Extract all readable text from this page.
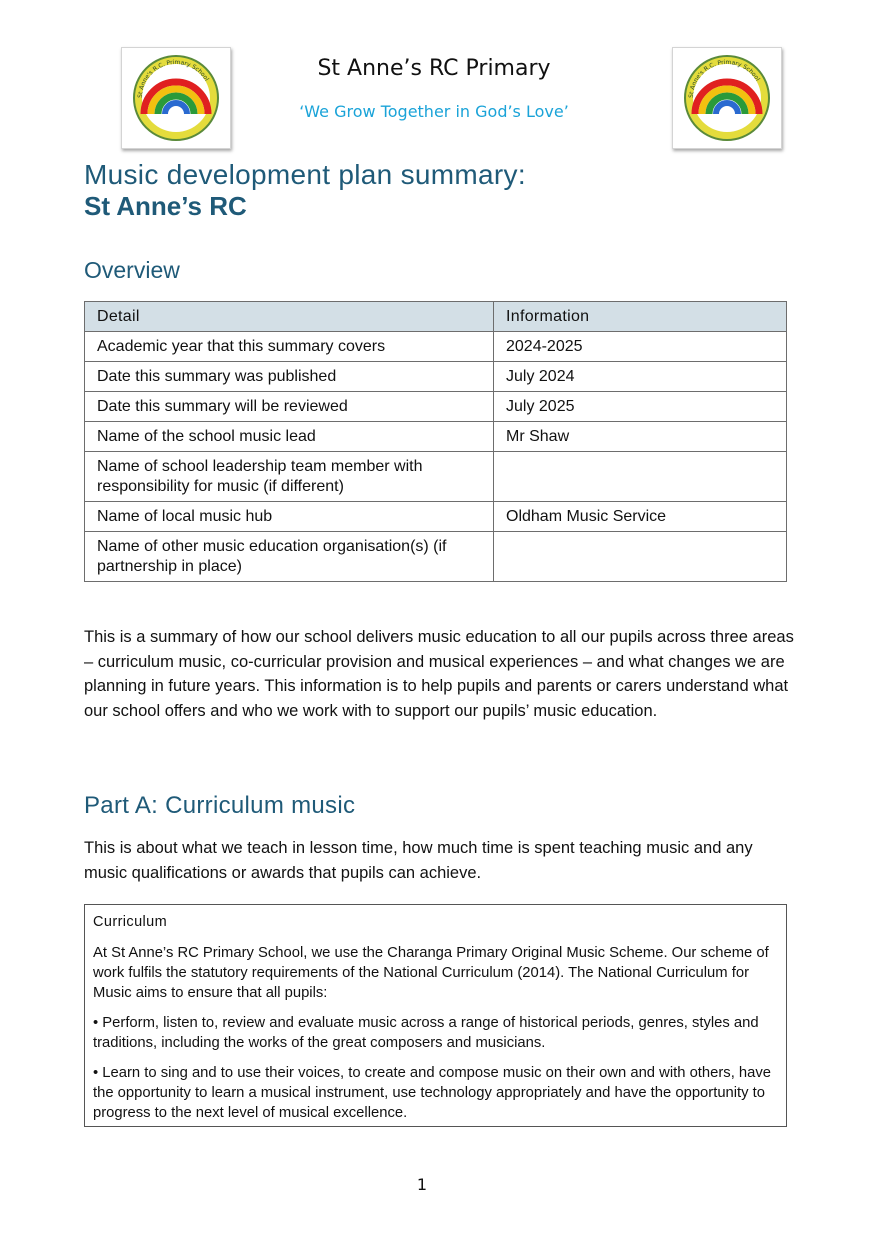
St Anne's R.C. Primary School
St Anne's R.C. Primary School
St Anne’s RC Primary
‘We Grow Together in God’s Love’
Music development plan summary:
St Anne’s RC
Overview
Detail	Information
Academic year that this summary covers	2024-2025
Date this summary was published	July 2024
Date this summary will be reviewed	July 2025
Name of the school music lead	Mr Shaw
Name of school leadership team member with responsibility for music (if different)	
Name of local music hub	Oldham Music Service
Name of other music education organisation(s) (if partnership in place)	
This is a summary of how our school delivers music education to all our pupils across three areas – curriculum music, co-curricular provision and musical experiences – and what changes we are planning in future years. This information is to help pupils and parents or carers understand what our school offers and who we work with to support our pupils’ music education.
Part A: Curriculum music
This is about what we teach in lesson time, how much time is spent teaching music and any music qualifications or awards that pupils can achieve.
Curriculum

At St Anne’s RC Primary School, we use the Charanga Primary Original Music Scheme. Our scheme of work fulfils the statutory requirements of the National Curriculum (2014). The National Curriculum for Music aims to ensure that all pupils:

• Perform, listen to, review and evaluate music across a range of historical periods, genres, styles and traditions, including the works of the great composers and musicians.

• Learn to sing and to use their voices, to create and compose music on their own and with others, have the opportunity to learn a musical instrument, use technology appropriately and have the opportunity to progress to the next level of musical excellence.

1
